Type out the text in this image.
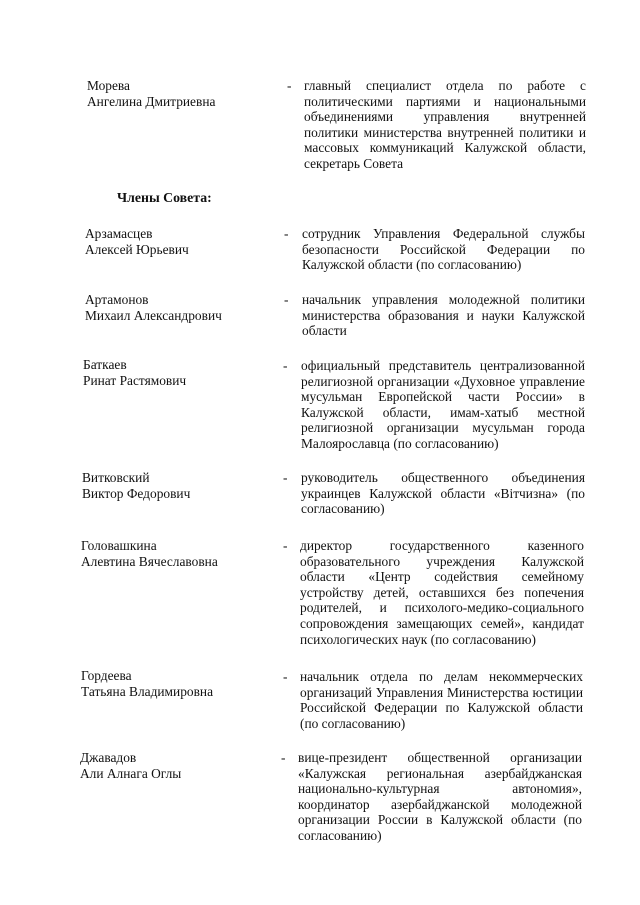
Морева
Ангелина Дмитриевна
- главный специалист отдела по работе с политическими партиями и национальными объединениями управления внутренней политики министерства внутренней политики и массовых коммуникаций Калужской области, секретарь Совета
Члены Совета:
Арзамасцев
Алексей Юрьевич
- сотрудник Управления Федеральной службы безопасности Российской Федерации по Калужской области (по согласованию)
Артамонов
Михаил Александрович
- начальник управления молодежной политики министерства образования и науки Калужской области
Баткаев
Ринат Растямович
- официальный представитель централизованной религиозной организации «Духовное управление мусульман Европейской части России» в Калужской области, имам-хатыб местной религиозной организации мусульман города Малоярославца (по согласованию)
Витковский
Виктор Федорович
- руководитель общественного объединения украинцев Калужской области «Вітчизна» (по согласованию)
Головашкина
Алевтина Вячеславовна
- директор государственного казенного образовательного учреждения Калужской области «Центр содействия семейному устройству детей, оставшихся без попечения родителей, и психолого-медико-социального сопровождения замещающих семей», кандидат психологических наук (по согласованию)
Гордеева
Татьяна Владимировна
- начальник отдела по делам некоммерческих организаций Управления Министерства юстиции Российской Федерации по Калужской области (по согласованию)
Джавадов
Али Алнага Оглы
- вице-президент общественной организации «Калужская региональная азербайджанская национально-культурная автономия», координатор азербайджанской молодежной организации России в Калужской области (по согласованию)
